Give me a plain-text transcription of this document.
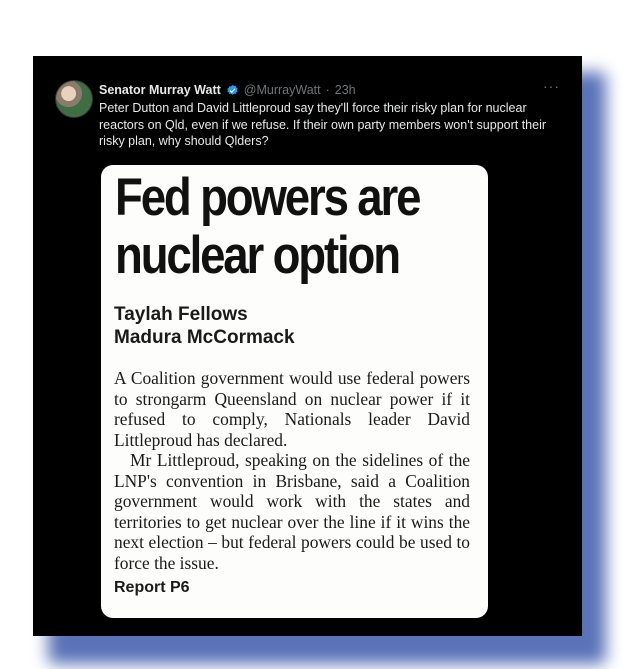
Senator Murray Watt @MurrayWatt · 23h	···
Peter Dutton and David Littleproud say they'll force their risky plan for nuclear reactors on Qld, even if we refuse. If their own party members won't support their risky plan, why should Qlders?
Fed powers are
nuclear option
Taylah Fellows
Madura McCormack

A Coalition government would use federal powers to strongarm Queensland on nuclear power if it refused to comply, Nationals leader David Littleproud has declared.

Mr Littleproud, speaking on the sidelines of the LNP's convention in Brisbane, said a Coalition government would work with the states and territories to get nuclear over the line if it wins the next election – but federal powers could be used to force the issue.

Report P6
